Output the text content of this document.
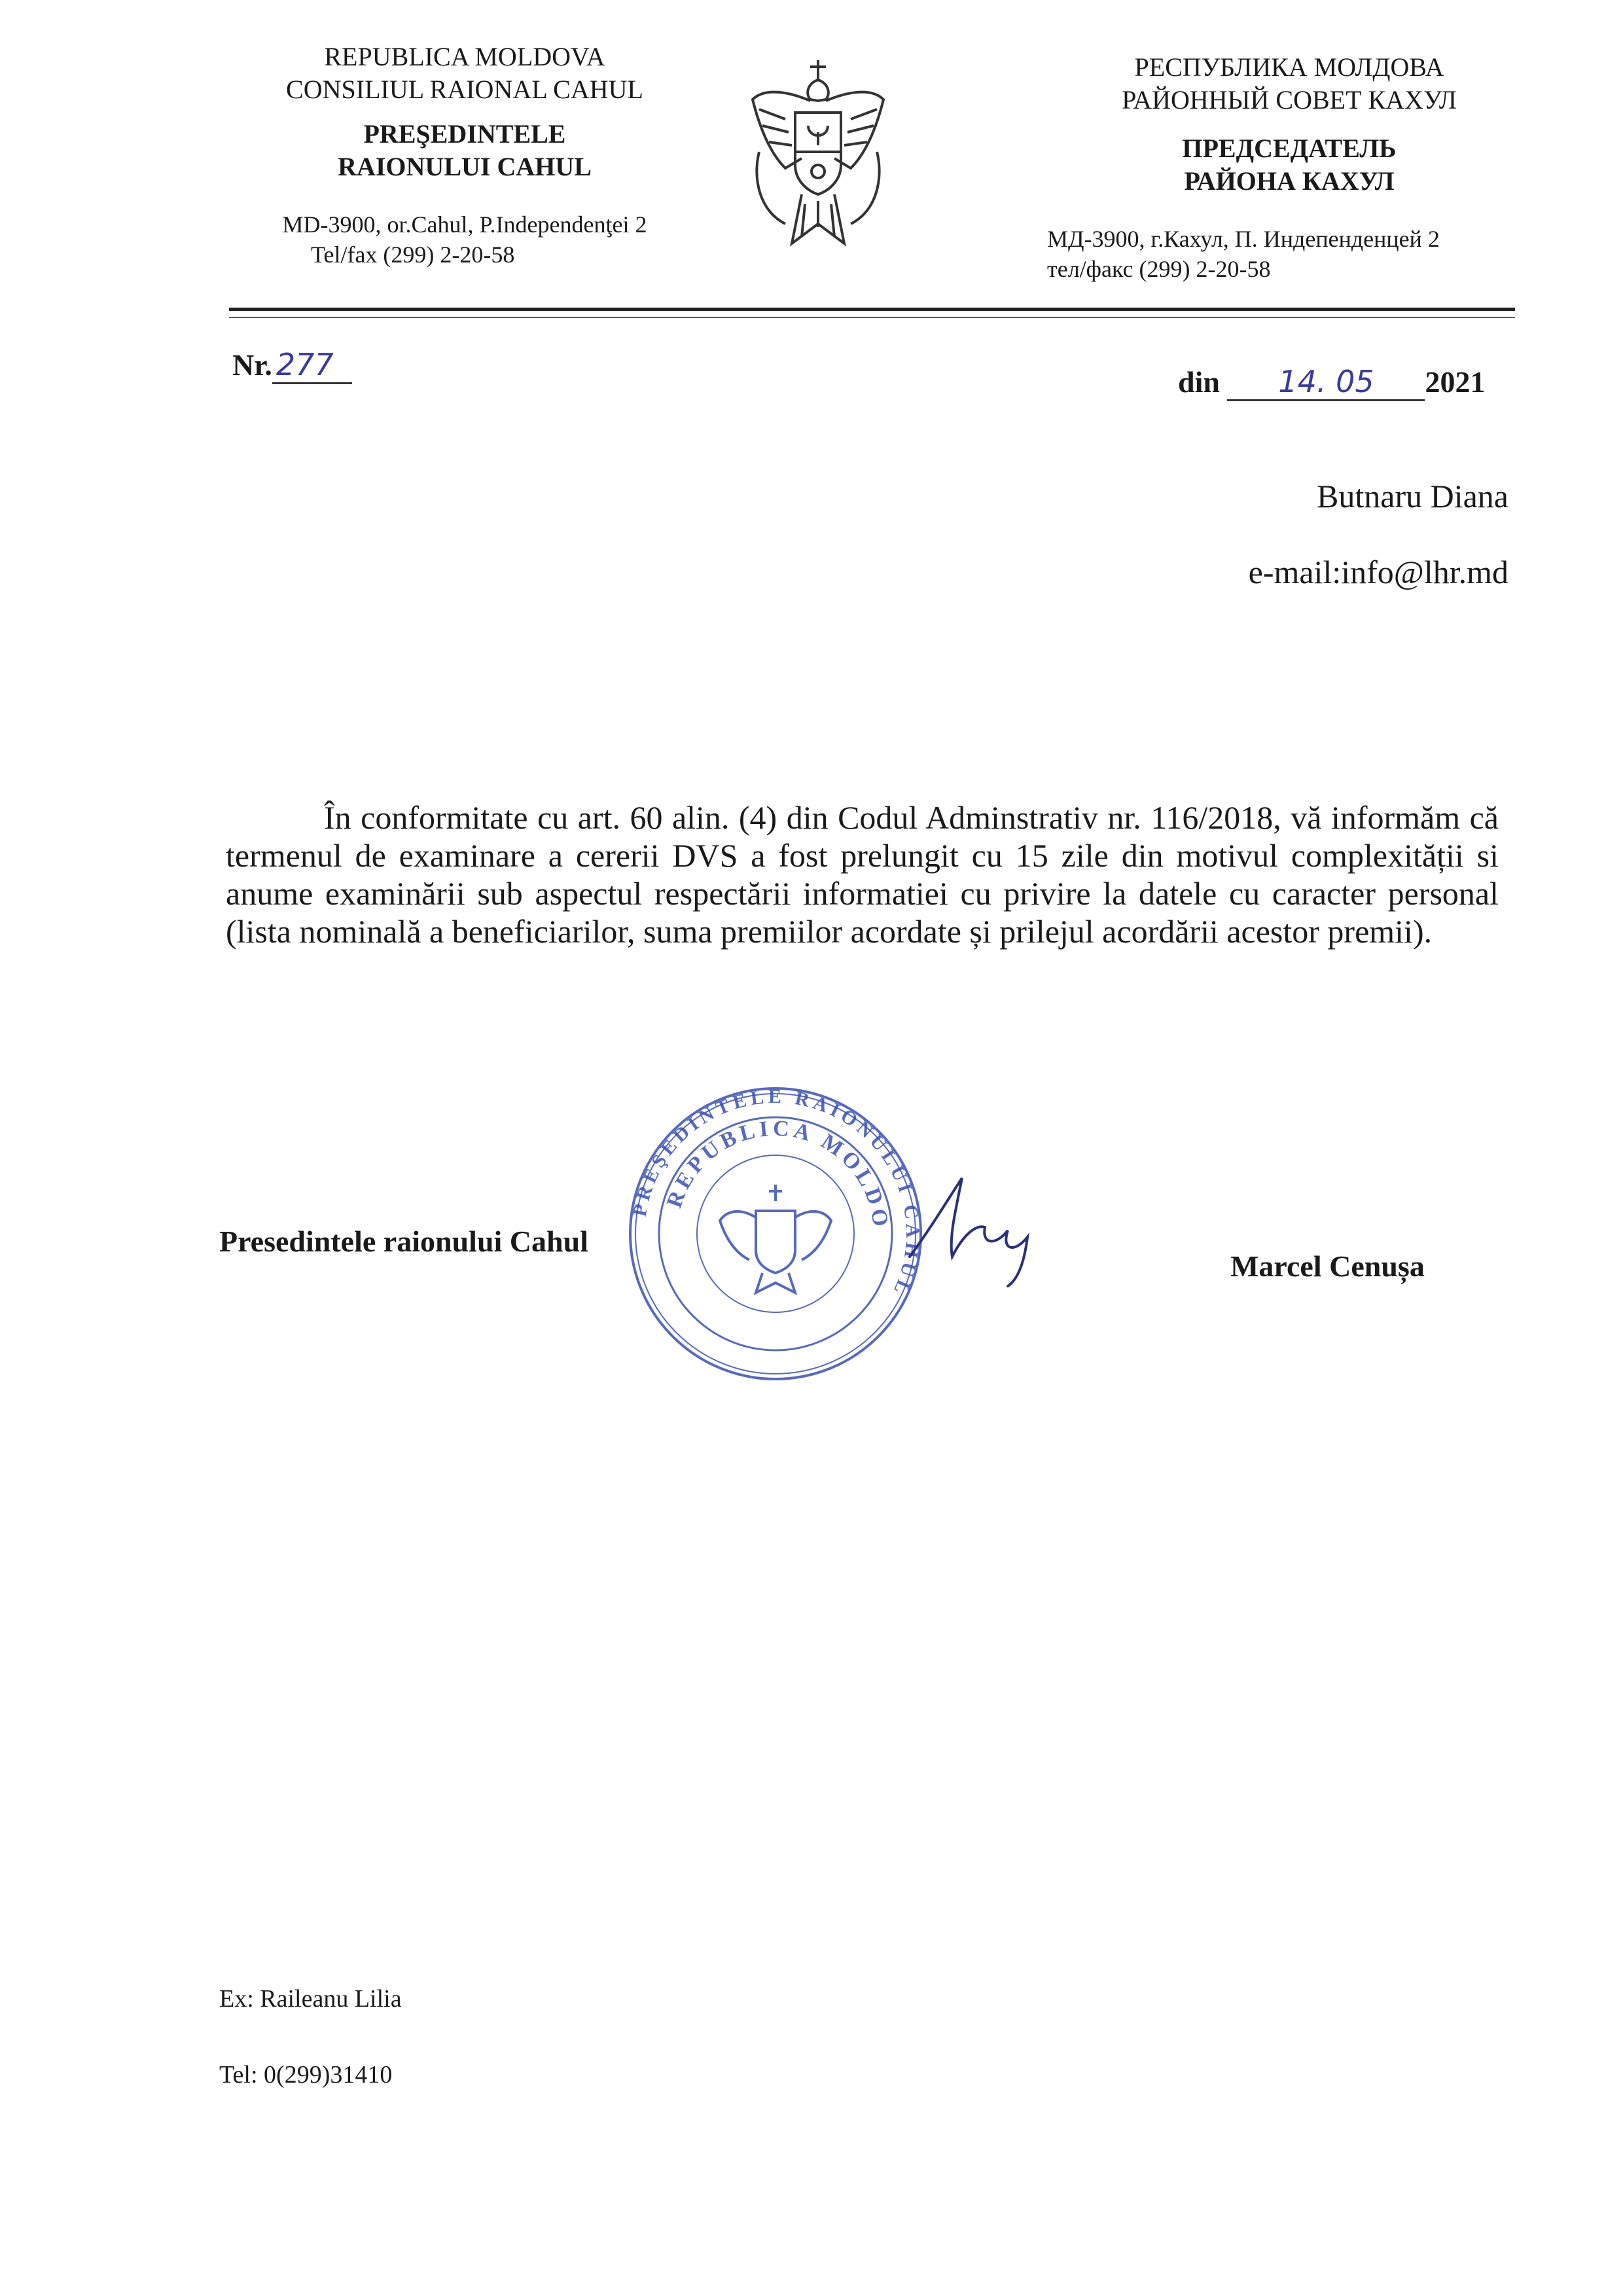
REPUBLICA MOLDOVA
CONSILIUL RAIONAL CAHUL
PREŞEDINTELE
RAIONULUI CAHUL
MD-3900, or.Cahul, P.Independenţei 2
Tel/fax (299) 2-20-58
РЕСПУБЛИКА МОЛДОВА
РАЙОННЫЙ СОВЕТ КАХУЛ
ПРЕДСЕДАТЕЛЬ
РАЙОНА КАХУЛ
МД-3900, г.Кахул, П. Индепенденцей 2
тел/факс (299) 2-20-58
Nr. 277	din 14. 05 2021
Butnaru Diana
e-mail:info@lhr.md
În conformitate cu art. 60 alin. (4) din Codul Adminstrativ nr. 116/2018, vă informăm că termenul de examinare a cererii DVS a fost prelungit cu 15 zile din motivul complexității si anume examinării sub aspectul respectării informatiei cu privire la datele cu caracter personal (lista nominală a beneficiarilor, suma premiilor acordate și prilejul acordării acestor premii).
PREŞEDINTELE RAIONULUI CAHUL
REPUBLICA MOLDO
Presedintele raionului Cahul
Marcel Cenușa
Ex: Raileanu Lilia
Tel: 0(299)31410
